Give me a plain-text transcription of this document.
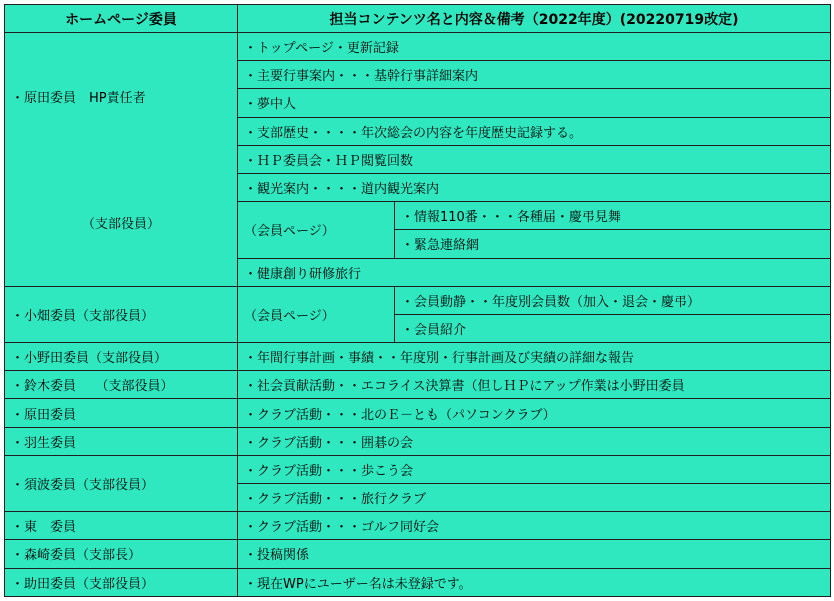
ホームページ委員	担当コンテンツ名と内容＆備考（2022年度）(20220719改定)	

・原田委員　HP責任者
（支部役員）	・トップページ・更新記録	
	・主要行事案内・・・基幹行事詳細案内	
	・夢中人	
	・支部歴史・・・・年次総会の内容を年度歴史記録する。	
	・ＨＰ委員会・ＨＰ閲覧回数	
	・観光案内・・・・道内観光案内	
	（会員ページ）	・情報110番・・・各種届・慶弔見舞
		・緊急連絡網
	・健康創り研修旅行	
・小畑委員（支部役員）	（会員ページ）	・会員動静・・年度別会員数（加入・退会・慶弔）
		・会員紹介
・小野田委員（支部役員）	・年間行事計画・事績・・年度別・行事計画及び実績の詳細な報告	
・鈴木委員　　（支部役員）	・社会貢献活動・・エコライス決算書（但しＨＰにアップ作業は小野田委員	
・原田委員	・クラブ活動・・・北のＥ－とも（パソコンクラブ）	
・羽生委員	・クラブ活動・・・囲碁の会	
・須波委員（支部役員）	・クラブ活動・・・歩こう会	
	・クラブ活動・・・旅行クラブ	
・東　委員	・クラブ活動・・・ゴルフ同好会	
・森崎委員（支部長）	・投稿関係	
・助田委員（支部役員）	・現在WPにユーザー名は未登録です。	
